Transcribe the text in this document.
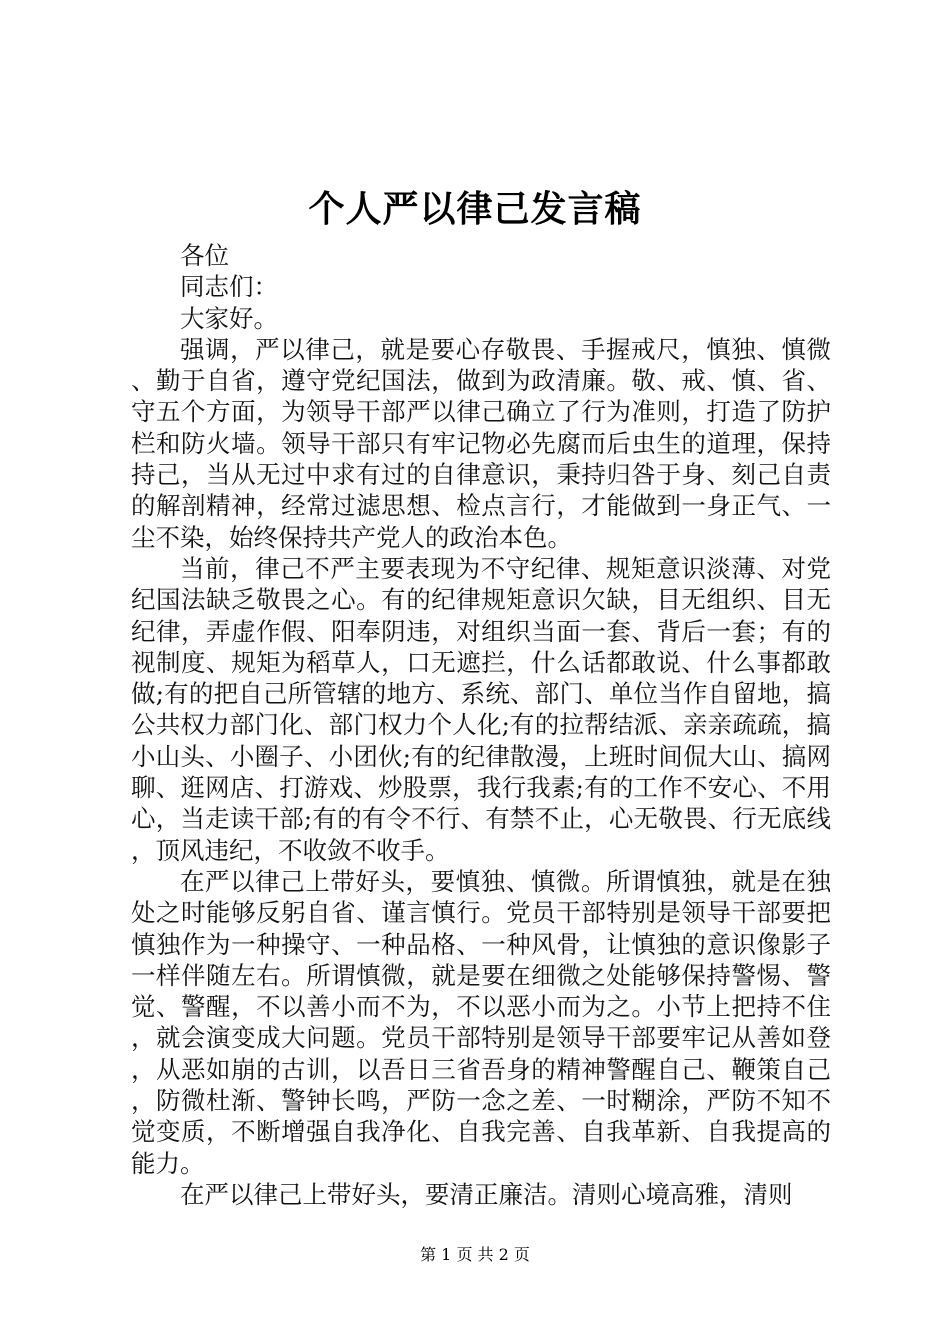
个人严以律己发言稿

各位

同志们：

大家好。

强调，严以律己，就是要心存敬畏、手握戒尺，慎独、慎微、勤于自省，遵守党纪国法，做到为政清廉。敬、戒、慎、省、守五个方面，为领导干部严以律己确立了行为准则，打造了防护栏和防火墙。领导干部只有牢记物必先腐而后虫生的道理，保持持己，当从无过中求有过的自律意识，秉持归咎于身、刻己自责的解剖精神，经常过滤思想、检点言行，才能做到一身正气、一尘不染，始终保持共产党人的政治本色。

当前，律己不严主要表现为不守纪律、规矩意识淡薄、对党纪国法缺乏敬畏之心。有的纪律规矩意识欠缺，目无组织、目无纪律，弄虚作假、阳奉阴违，对组织当面一套、背后一套；有的视制度、规矩为稻草人，口无遮拦，什么话都敢说、什么事都敢做;有的把自己所管辖的地方、系统、部门、单位当作自留地，搞公共权力部门化、部门权力个人化;有的拉帮结派、亲亲疏疏，搞小山头、小圈子、小团伙;有的纪律散漫，上班时间侃大山、搞网聊、逛网店、打游戏、炒股票，我行我素;有的工作不安心、不用心，当走读干部;有的有令不行、有禁不止，心无敬畏、行无底线，顶风违纪，不收敛不收手。

在严以律己上带好头，要慎独、慎微。所谓慎独，就是在独处之时能够反躬自省、谨言慎行。党员干部特别是领导干部要把慎独作为一种操守、一种品格、一种风骨，让慎独的意识像影子一样伴随左右。所谓慎微，就是要在细微之处能够保持警惕、警觉、警醒，不以善小而不为，不以恶小而为之。小节上把持不住，就会演变成大问题。党员干部特别是领导干部要牢记从善如登，从恶如崩的古训，以吾日三省吾身的精神警醒自己、鞭策自己，防微杜渐、警钟长鸣，严防一念之差、一时糊涂，严防不知不觉变质，不断增强自我净化、自我完善、自我革新、自我提高的能力。

在严以律己上带好头，要清正廉洁。清则心境高雅，清则

第 1 页 共 2 页
